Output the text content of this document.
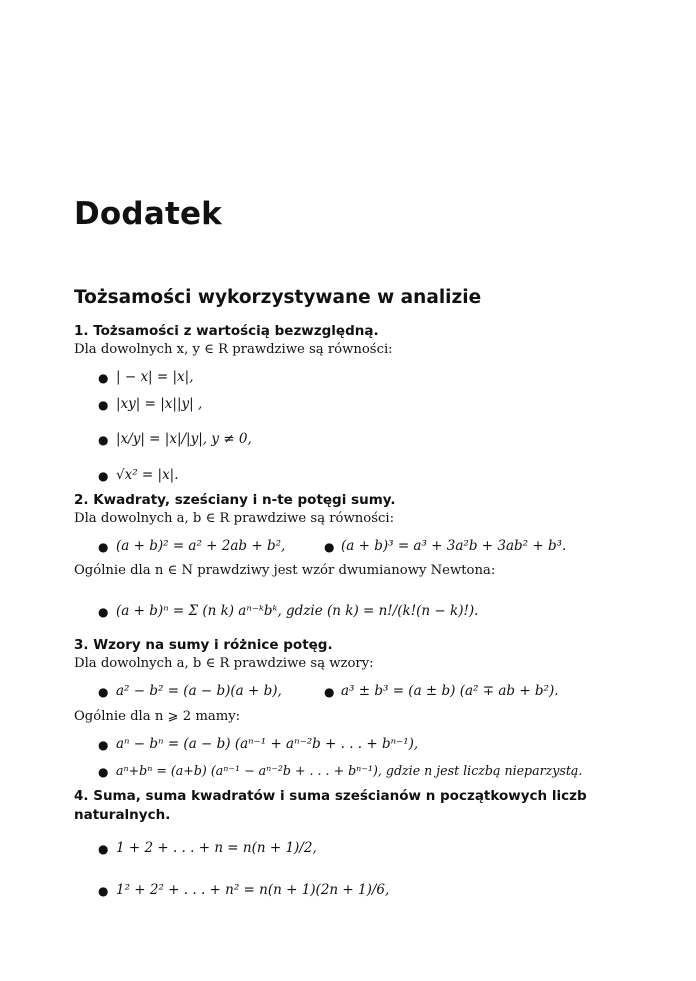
Dodatek
Tożsamości wykorzystywane w analizie
1. Tożsamości z wartością bezwzględną.
Dla dowolnych x, y ∈ R prawdziwe są równości:
● | − x| = |x|,
● |xy| = |x||y| ,
● |x/y| = |x|/|y|, y ≠ 0,
● √x² = |x|.
2. Kwadraty, sześciany i n-te potęgi sumy.
Dla dowolnych a, b ∈ R prawdziwe są równości:
● (a + b)² = a² + 2ab + b²,	● (a + b)³ = a³ + 3a²b + 3ab² + b³.
Ogólnie dla n ∈ N prawdziwy jest wzór dwumianowy Newtona:
● (a + b)ⁿ = Σ (n k) aⁿ⁻ᵏbᵏ, gdzie (n k) = n!/(k!(n − k)!).
3. Wzory na sumy i różnice potęg.
Dla dowolnych a, b ∈ R prawdziwe są wzory:
● a² − b² = (a − b)(a + b),	● a³ ± b³ = (a ± b) (a² ∓ ab + b²).
Ogólnie dla n ⩾ 2 mamy:
● aⁿ − bⁿ = (a − b) (aⁿ⁻¹ + aⁿ⁻²b + . . . + bⁿ⁻¹),
● aⁿ+bⁿ = (a+b) (aⁿ⁻¹ − aⁿ⁻²b + . . . + bⁿ⁻¹), gdzie n jest liczbą nieparzystą.
4. Suma, suma kwadratów i suma sześcianów n początkowych liczb naturalnych.
● 1 + 2 + . . . + n = n(n + 1)/2,
● 1² + 2² + . . . + n² = n(n + 1)(2n + 1)/6,
